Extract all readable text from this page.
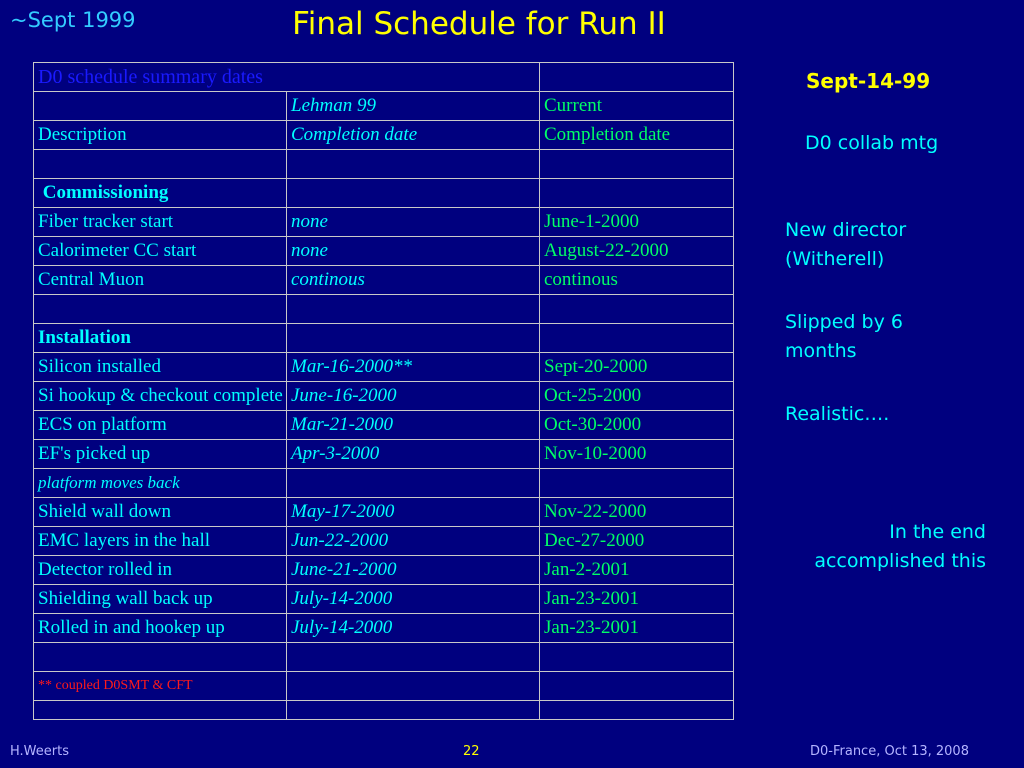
~Sept 1999	Final Schedule for Run II
D0 schedule summary dates		
	Lehman 99	Current
Description	Completion date	Completion date

Commissioning		
Fiber tracker start	none	June-1-2000
Calorimeter CC start	none	August-22-2000
Central Muon	continous	continous

Installation		
Silicon installed	Mar-16-2000**	Sept-20-2000
Si hookup & checkout complete	June-16-2000	Oct-25-2000
ECS on platform	Mar-21-2000	Oct-30-2000
EF's picked up	Apr-3-2000	Nov-10-2000
platform moves back		
Shield wall down	May-17-2000	Nov-22-2000
EMC layers in the hall	Jun-22-2000	Dec-27-2000
Detector rolled in	June-21-2000	Jan-2-2001
Shielding wall back up	July-14-2000	Jan-23-2001
Rolled in and hookep up	July-14-2000	Jan-23-2001

** coupled D0SMT & CFT		

Sept-14-99
D0 collab mtg
New director
(Witherell)
Slipped by 6
months
Realistic….
In the end
accomplished this
H.Weerts	22	D0-France, Oct 13, 2008
